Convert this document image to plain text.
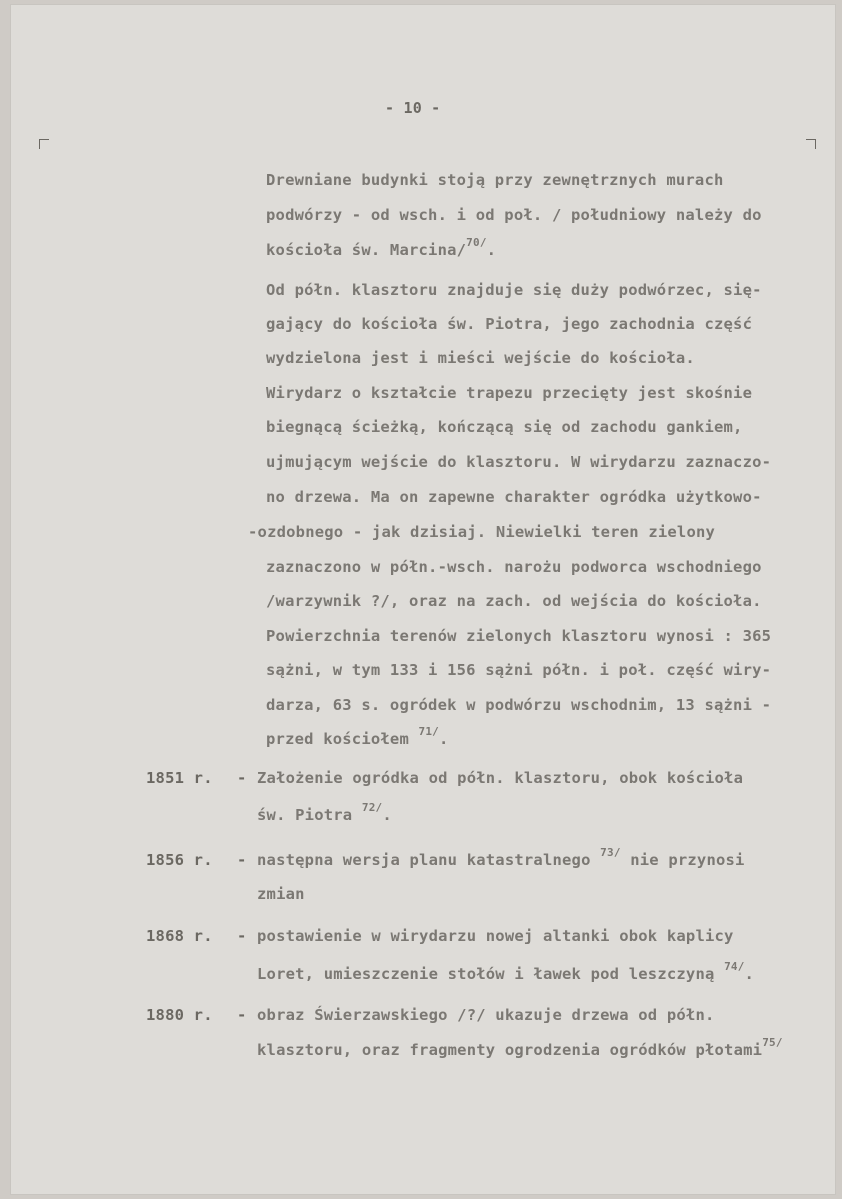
- 10 -
Drewniane budynki stoją przy zewnętrznych murach
podwórzy - od wsch. i od poł. / południowy należy do
kościoła św. Marcina/$^{70/}$.
Od półn. klasztoru znajduje się duży podwórzec, się-
gający do kościoła św. Piotra, jego zachodnia część
wydzielona jest i mieści wejście do kościoła.
Wirydarz o kształcie trapezu przecięty jest skośnie
biegnącą ścieżką, kończącą się od zachodu gankiem,
ujmującym wejście do klasztoru. W wirydarzu zaznaczo-
no drzewa. Ma on zapewne charakter ogródka użytkowo-
-ozdobnego - jak dzisiaj. Niewielki teren zielony
zaznaczono w półn.-wsch. narożu podworca wschodniego
/warzywnik ?/, oraz na zach. od wejścia do kościoła.
Powierzchnia terenów zielonych klasztoru wynosi : 365
sążni, w tym 133 i 156 sążni półn. i poł. część wiry-
darza, 63 s. ogródek w podwórzu wschodnim, 13 sążni -
przed kościołem $^{71/}$.
1851 r. - Założenie ogródka od półn. klasztoru, obok kościoła
św. Piotra $^{72/}$.
1856 r. - następna wersja planu katastralnego $^{73/}$ nie przynosi
zmian
1868 r. - postawienie w wirydarzu nowej altanki obok kaplicy
Loret, umieszczenie stołów i ławek pod leszczyną $^{74/}$.
1880 r. - obraz Świerzawskiego /?/ ukazuje drzewa od półn.
klasztoru, oraz fragmenty ogrodzenia ogródków płotami$^{75/}$
